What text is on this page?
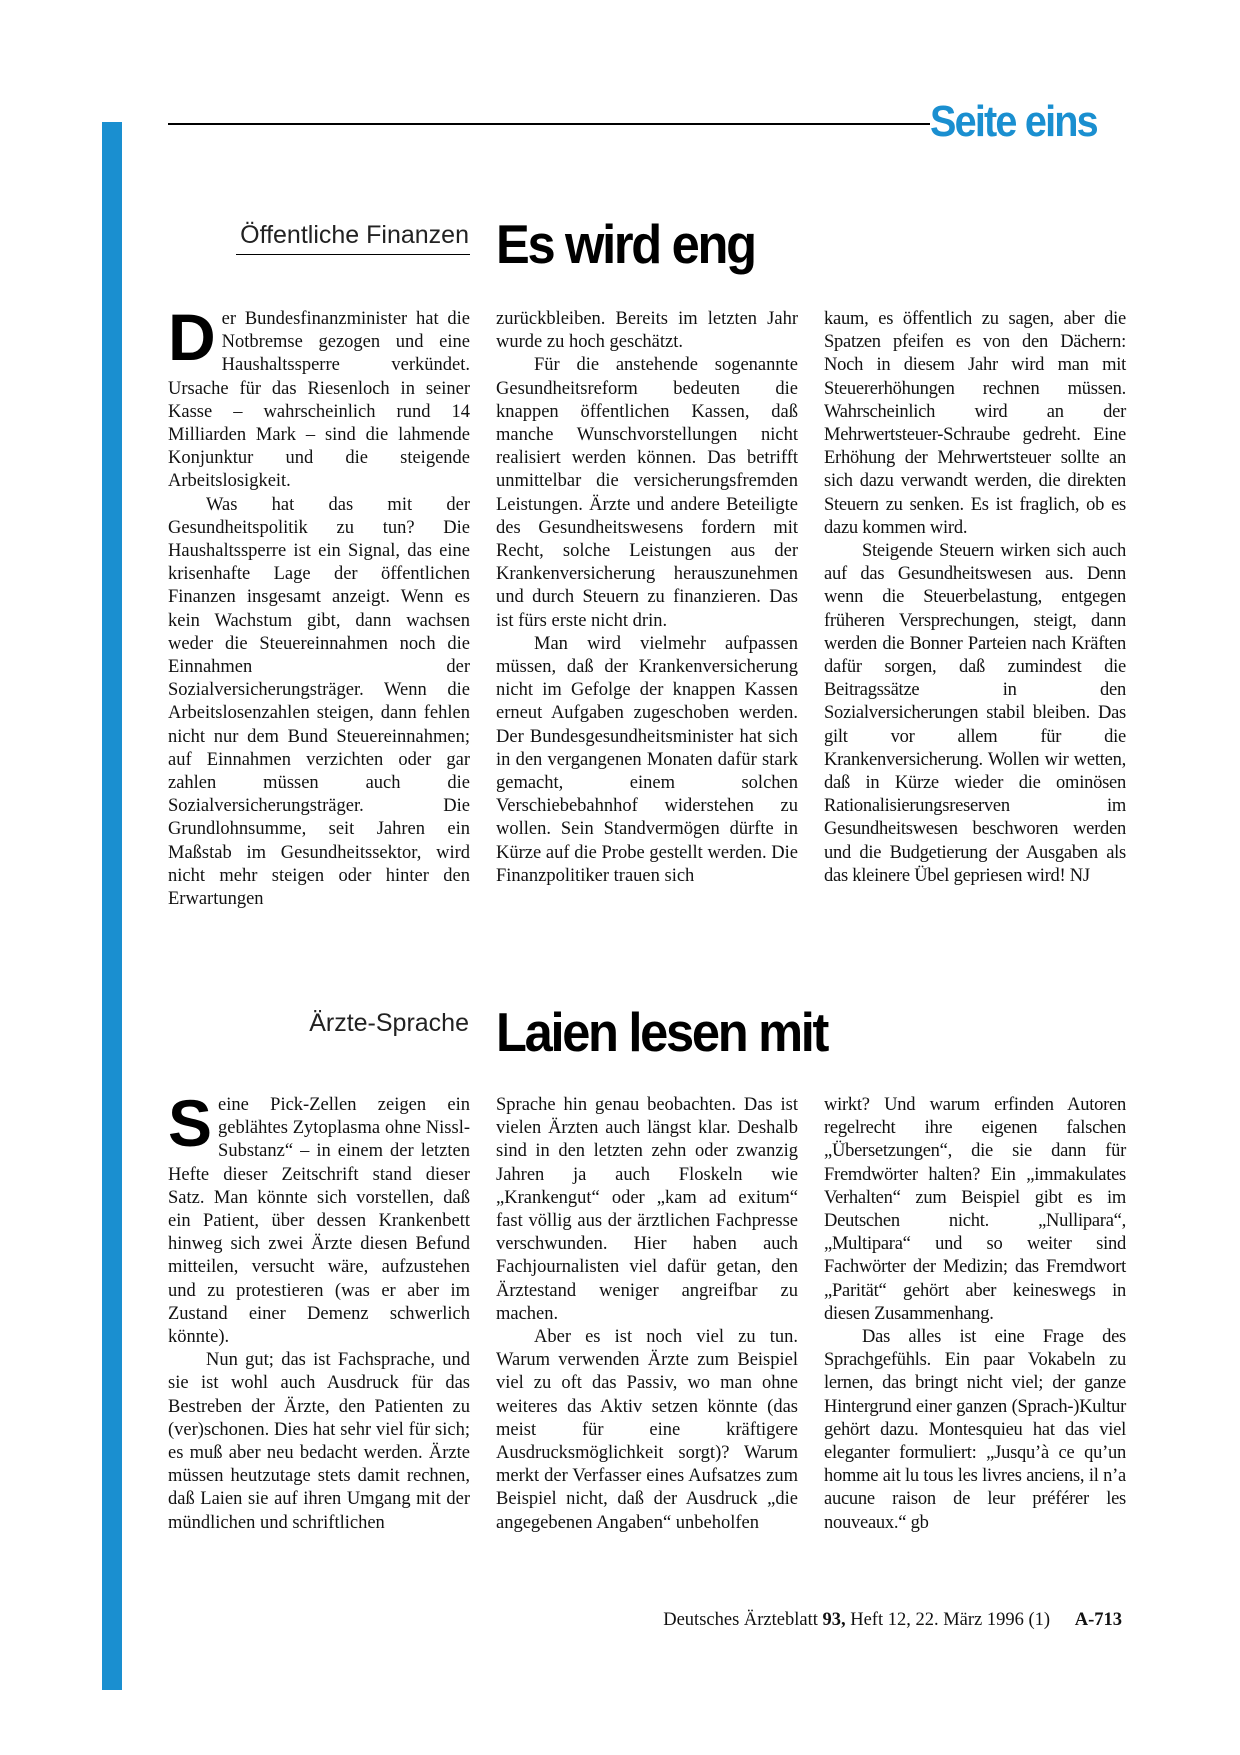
Seite eins
Öffentliche Finanzen Es wird eng
D er Bundesfinanzminister hat die Notbremse gezogen und eine Haushaltssperre verkündet. Ursache für das Riesenloch in seiner Kasse – wahrscheinlich rund 14 Milliarden Mark – sind die lahmende Konjunktur und die steigende Arbeitslosigkeit.

Was hat das mit der Gesundheitspolitik zu tun? Die Haushaltssperre ist ein Signal, das eine krisenhafte Lage der öffentlichen Finanzen insgesamt anzeigt. Wenn es kein Wachstum gibt, dann wachsen weder die Steuereinnahmen noch die Einnahmen der Sozialversicherungsträger. Wenn die Arbeitslosenzahlen steigen, dann fehlen nicht nur dem Bund Steuereinnahmen; auf Einnahmen verzichten oder gar zahlen müssen auch die Sozialversicherungsträger. Die Grundlohnsumme, seit Jahren ein Maßstab im Gesundheitssektor, wird nicht mehr steigen oder hinter den Erwartungen

zurückbleiben. Bereits im letzten Jahr wurde zu hoch geschätzt.

Für die anstehende sogenannte Gesundheitsreform bedeuten die knappen öffentlichen Kassen, daß manche Wunschvorstellungen nicht realisiert werden können. Das betrifft unmittelbar die versicherungsfremden Leistungen. Ärzte und andere Beteiligte des Gesundheitswesens fordern mit Recht, solche Leistungen aus der Krankenversicherung herauszunehmen und durch Steuern zu finanzieren. Das ist fürs erste nicht drin.

Man wird vielmehr aufpassen müssen, daß der Krankenversicherung nicht im Gefolge der knappen Kassen erneut Aufgaben zugeschoben werden. Der Bundesgesundheitsminister hat sich in den vergangenen Monaten dafür stark gemacht, einem solchen Verschiebebahnhof widerstehen zu wollen. Sein Standvermögen dürfte in Kürze auf die Probe gestellt werden. Die Finanzpolitiker trauen sich

kaum, es öffentlich zu sagen, aber die Spatzen pfeifen es von den Dächern: Noch in diesem Jahr wird man mit Steuererhöhungen rechnen müssen. Wahrscheinlich wird an der Mehrwertsteuer-Schraube gedreht. Eine Erhöhung der Mehrwertsteuer sollte an sich dazu verwandt werden, die direkten Steuern zu senken. Es ist fraglich, ob es dazu kommen wird.

Steigende Steuern wirken sich auch auf das Gesundheitswesen aus. Denn wenn die Steuerbelastung, entgegen früheren Versprechungen, steigt, dann werden die Bonner Parteien nach Kräften dafür sorgen, daß zumindest die Beitragssätze in den Sozialversicherungen stabil bleiben. Das gilt vor allem für die Krankenversicherung. Wollen wir wetten, daß in Kürze wieder die ominösen Rationalisierungsreserven im Gesundheitswesen beschworen werden und die Budgetierung der Ausgaben als das kleinere Übel gepriesen wird! NJ

Ärzte-Sprache Laien lesen mit
S eine Pick-Zellen zeigen ein geblähtes Zytoplasma ohne Nissl-Substanz“ – in einem der letzten Hefte dieser Zeitschrift stand dieser Satz. Man könnte sich vorstellen, daß ein Patient, über dessen Krankenbett hinweg sich zwei Ärzte diesen Befund mitteilen, versucht wäre, aufzustehen und zu protestieren (was er aber im Zustand einer Demenz schwerlich könnte).

Nun gut; das ist Fachsprache, und sie ist wohl auch Ausdruck für das Bestreben der Ärzte, den Patienten zu (ver)schonen. Dies hat sehr viel für sich; es muß aber neu bedacht werden. Ärzte müssen heutzutage stets damit rechnen, daß Laien sie auf ihren Umgang mit der mündlichen und schriftlichen

Sprache hin genau beobachten. Das ist vielen Ärzten auch längst klar. Deshalb sind in den letzten zehn oder zwanzig Jahren ja auch Floskeln wie „Krankengut“ oder „kam ad exitum“ fast völlig aus der ärztlichen Fachpresse verschwunden. Hier haben auch Fachjournalisten viel dafür getan, den Ärztestand weniger angreifbar zu machen.

Aber es ist noch viel zu tun. Warum verwenden Ärzte zum Beispiel viel zu oft das Passiv, wo man ohne weiteres das Aktiv setzen könnte (das meist für eine kräftigere Ausdrucksmöglichkeit sorgt)? Warum merkt der Verfasser eines Aufsatzes zum Beispiel nicht, daß der Ausdruck „die angegebenen Angaben“ unbeholfen

wirkt? Und warum erfinden Autoren regelrecht ihre eigenen falschen „Übersetzungen“, die sie dann für Fremdwörter halten? Ein „immakulates Verhalten“ zum Beispiel gibt es im Deutschen nicht. „Nullipara“, „Multipara“ und so weiter sind Fachwörter der Medizin; das Fremdwort „Parität“ gehört aber keineswegs in diesen Zusammenhang.

Das alles ist eine Frage des Sprachgefühls. Ein paar Vokabeln zu lernen, das bringt nicht viel; der ganze Hintergrund einer ganzen (Sprach-)Kultur gehört dazu. Montesquieu hat das viel eleganter formuliert: „Jusqu’à ce qu’un homme ait lu tous les livres anciens, il n’a aucune raison de leur préférer les nouveaux.“ gb

Deutsches Ärzteblatt 93, Heft 12, 22. März 1996 (1) A-713
